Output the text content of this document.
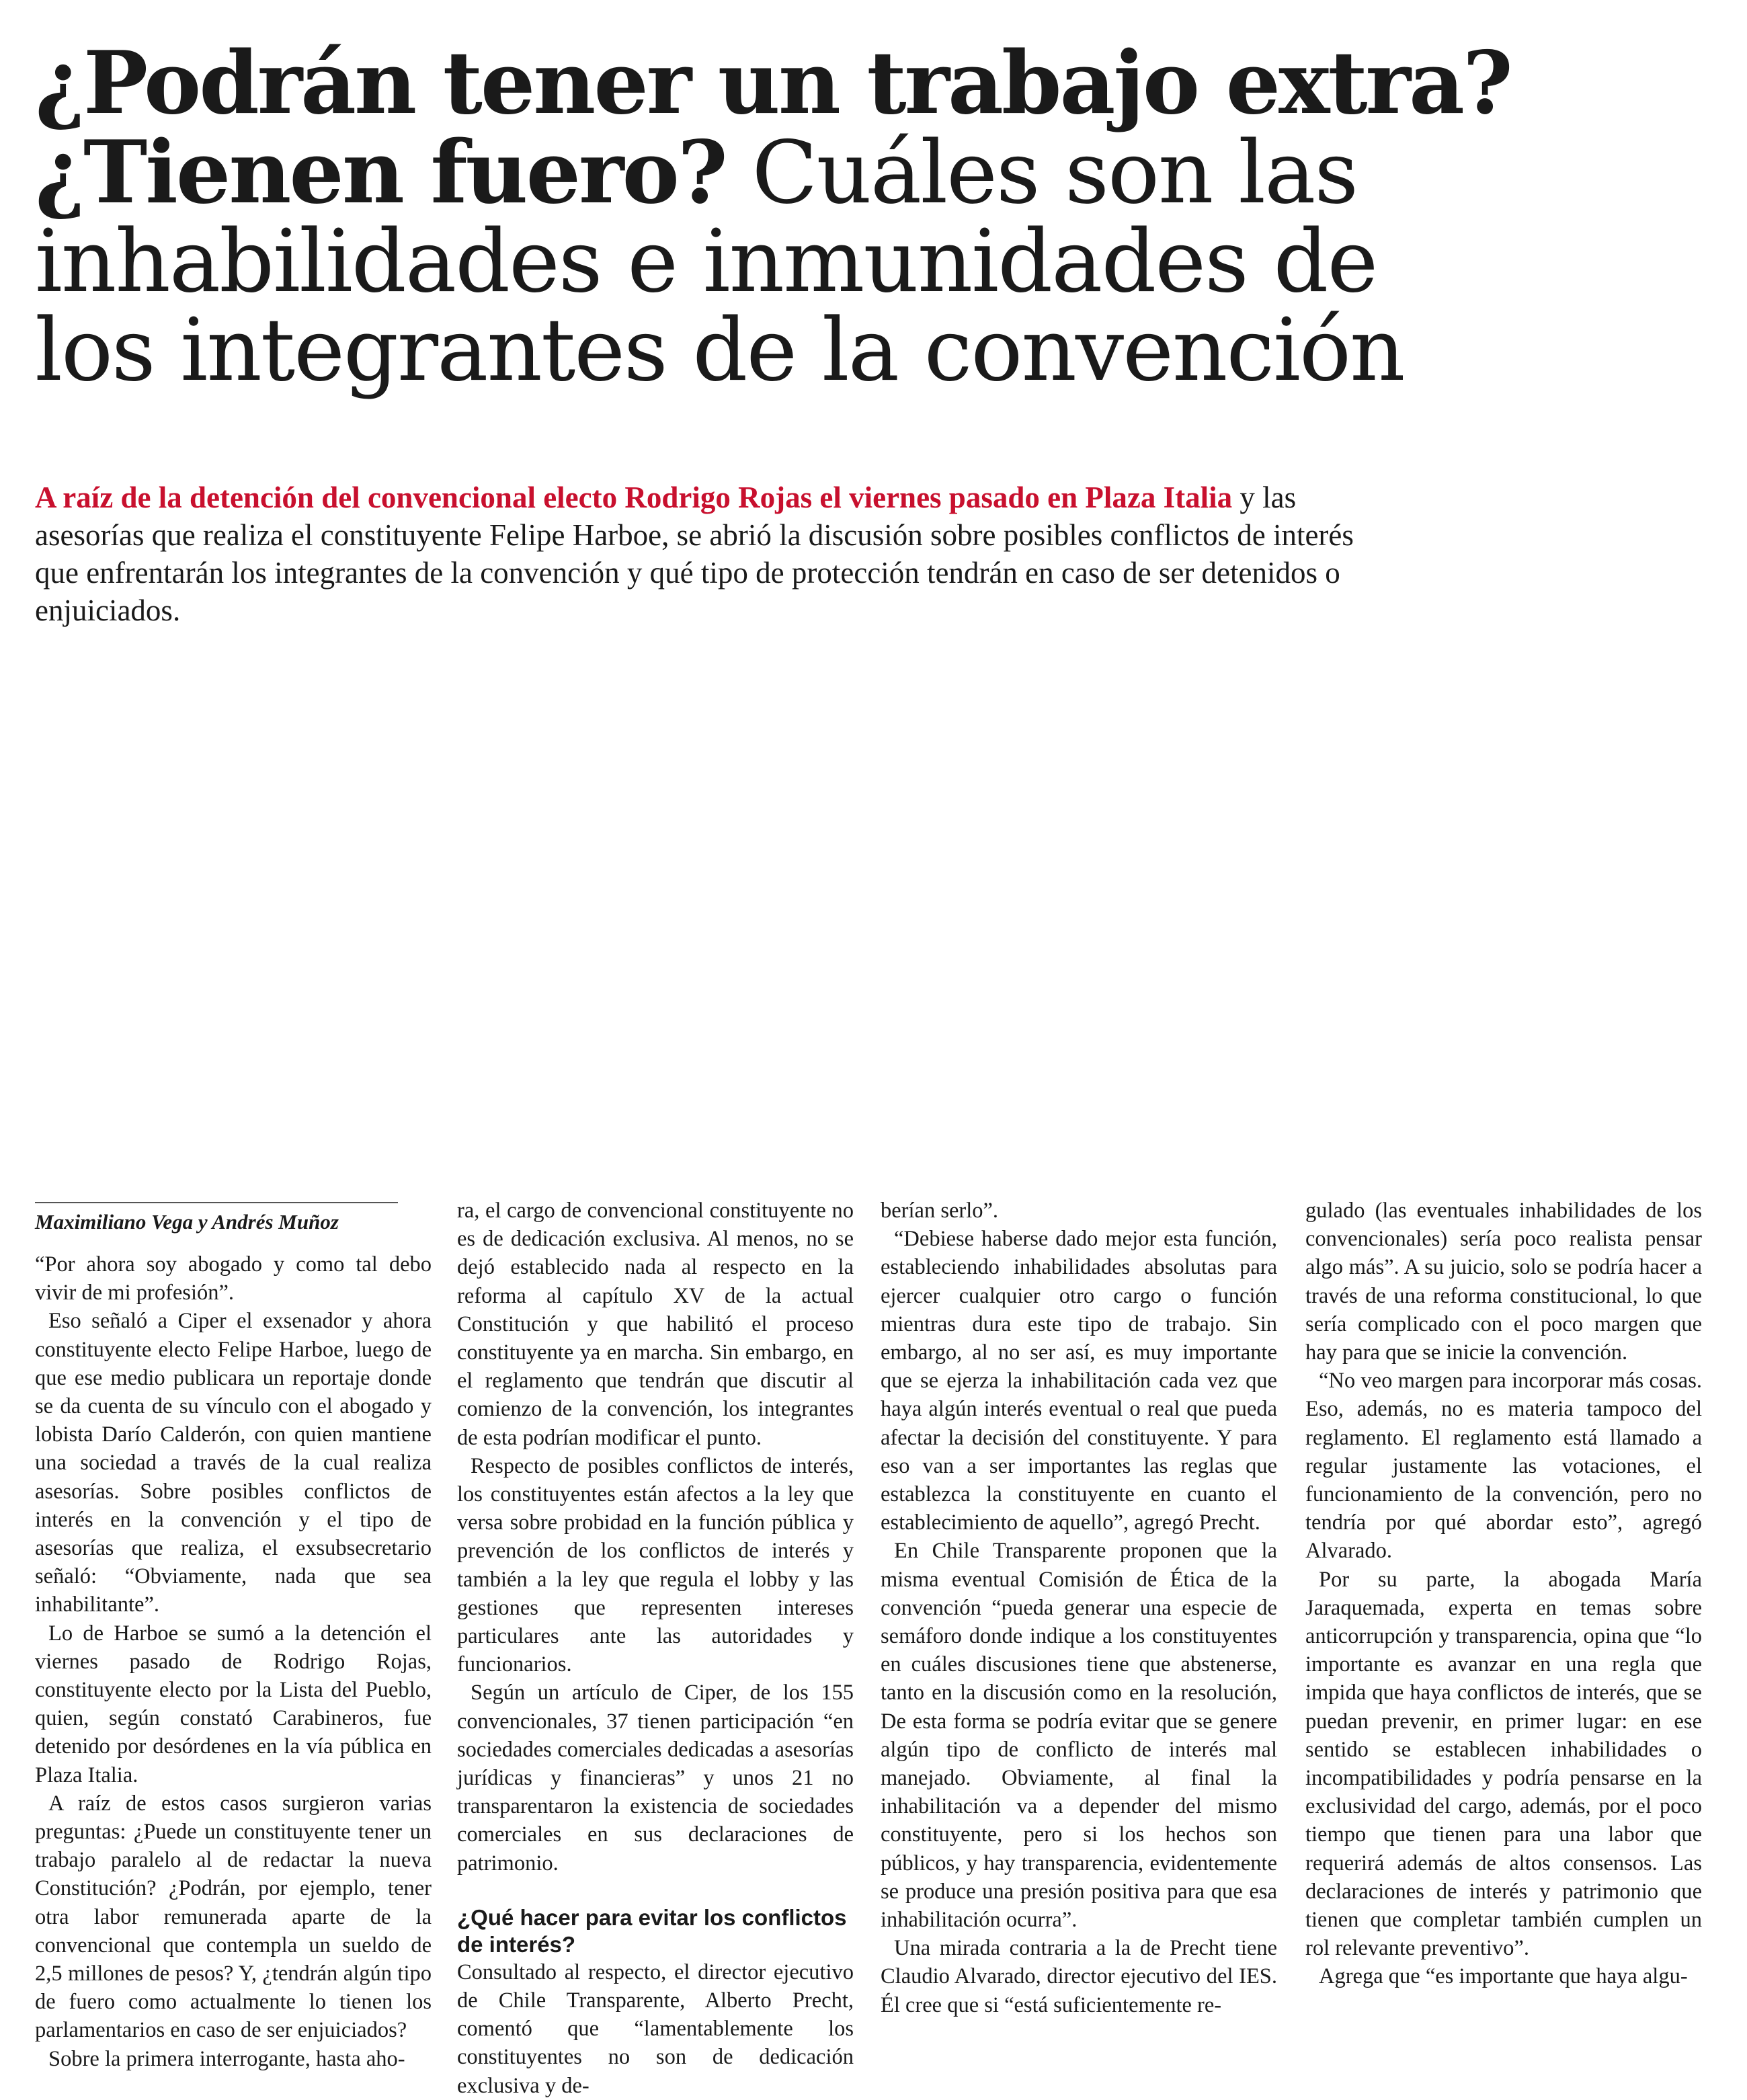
¿Podrán tener un trabajo extra? ¿Tienen fuero? Cuáles son las inhabilidades e inmunidades de los integrantes de la convención

A raíz de la detención del convencional electo Rodrigo Rojas el viernes pasado en Plaza Italia y las asesorías que realiza el constituyente Felipe Harboe, se abrió la discusión sobre posibles conflictos de interés que enfrentarán los integrantes de la convención y qué tipo de protección tendrán en caso de ser detenidos o enjuiciados.

Maximiliano Vega y Andrés Muñoz

“Por ahora soy abogado y como tal debo vivir de mi profesión”.

Eso señaló a Ciper el exsenador y ahora constituyente electo Felipe Harboe, luego de que ese medio publicara un reportaje donde se da cuenta de su vínculo con el abogado y lobista Darío Calderón, con quien mantiene una sociedad a través de la cual realiza asesorías. Sobre posibles conflictos de interés en la convención y el tipo de asesorías que realiza, el exsubsecretario señaló: “Obviamente, nada que sea inhabilitante”.

Lo de Harboe se sumó a la detención el viernes pasado de Rodrigo Rojas, constituyente electo por la Lista del Pueblo, quien, según constató Carabineros, fue detenido por desórdenes en la vía pública en Plaza Italia.

A raíz de estos casos surgieron varias preguntas: ¿Puede un constituyente tener un trabajo paralelo al de redactar la nueva Constitución? ¿Podrán, por ejemplo, tener otra labor remunerada aparte de la convencional que contempla un sueldo de 2,5 millones de pesos? Y, ¿tendrán algún tipo de fuero como actualmente lo tienen los parlamentarios en caso de ser enjuiciados?

Sobre la primera interrogante, hasta aho-

ra, el cargo de convencional constituyente no es de dedicación exclusiva. Al menos, no se dejó establecido nada al respecto en la reforma al capítulo XV de la actual Constitución y que habilitó el proceso constituyente ya en marcha. Sin embargo, en el reglamento que tendrán que discutir al comienzo de la convención, los integrantes de esta podrían modificar el punto.

Respecto de posibles conflictos de interés, los constituyentes están afectos a la ley que versa sobre probidad en la función pública y prevención de los conflictos de interés y también a la ley que regula el lobby y las gestiones que representen intereses particulares ante las autoridades y funcionarios.

Según un artículo de Ciper, de los 155 convencionales, 37 tienen participación “en sociedades comerciales dedicadas a asesorías jurídicas y financieras” y unos 21 no transparentaron la existencia de sociedades comerciales en sus declaraciones de patrimonio.

¿Qué hacer para evitar los conflictos de interés?

Consultado al respecto, el director ejecutivo de Chile Transparente, Alberto Precht, comentó que “lamentablemente los constituyentes no son de dedicación exclusiva y de-

berían serlo”.

“Debiese haberse dado mejor esta función, estableciendo inhabilidades absolutas para ejercer cualquier otro cargo o función mientras dura este tipo de trabajo. Sin embargo, al no ser así, es muy importante que se ejerza la inhabilitación cada vez que haya algún interés eventual o real que pueda afectar la decisión del constituyente. Y para eso van a ser importantes las reglas que establezca la constituyente en cuanto el establecimiento de aquello”, agregó Precht.

En Chile Transparente proponen que la misma eventual Comisión de Ética de la convención “pueda generar una especie de semáforo donde indique a los constituyentes en cuáles discusiones tiene que abstenerse, tanto en la discusión como en la resolución, De esta forma se podría evitar que se genere algún tipo de conflicto de interés mal manejado. Obviamente, al final la inhabilitación va a depender del mismo constituyente, pero si los hechos son públicos, y hay transparencia, evidentemente se produce una presión positiva para que esa inhabilitación ocurra”.

Una mirada contraria a la de Precht tiene Claudio Alvarado, director ejecutivo del IES. Él cree que si “está suficientemente re-

gulado (las eventuales inhabilidades de los convencionales) sería poco realista pensar algo más”. A su juicio, solo se podría hacer a través de una reforma constitucional, lo que sería complicado con el poco margen que hay para que se inicie la convención.

“No veo margen para incorporar más cosas. Eso, además, no es materia tampoco del reglamento. El reglamento está llamado a regular justamente las votaciones, el funcionamiento de la convención, pero no tendría por qué abordar esto”, agregó Alvarado.

Por su parte, la abogada María Jaraquemada, experta en temas sobre anticorrupción y transparencia, opina que “lo importante es avanzar en una regla que impida que haya conflictos de interés, que se puedan prevenir, en primer lugar: en ese sentido se establecen inhabilidades o incompatibilidades y podría pensarse en la exclusividad del cargo, además, por el poco tiempo que tienen para una labor que requerirá además de altos consensos. Las declaraciones de interés y patrimonio que tienen que completar también cumplen un rol relevante preventivo”.

Agrega que “es importante que haya algu-
